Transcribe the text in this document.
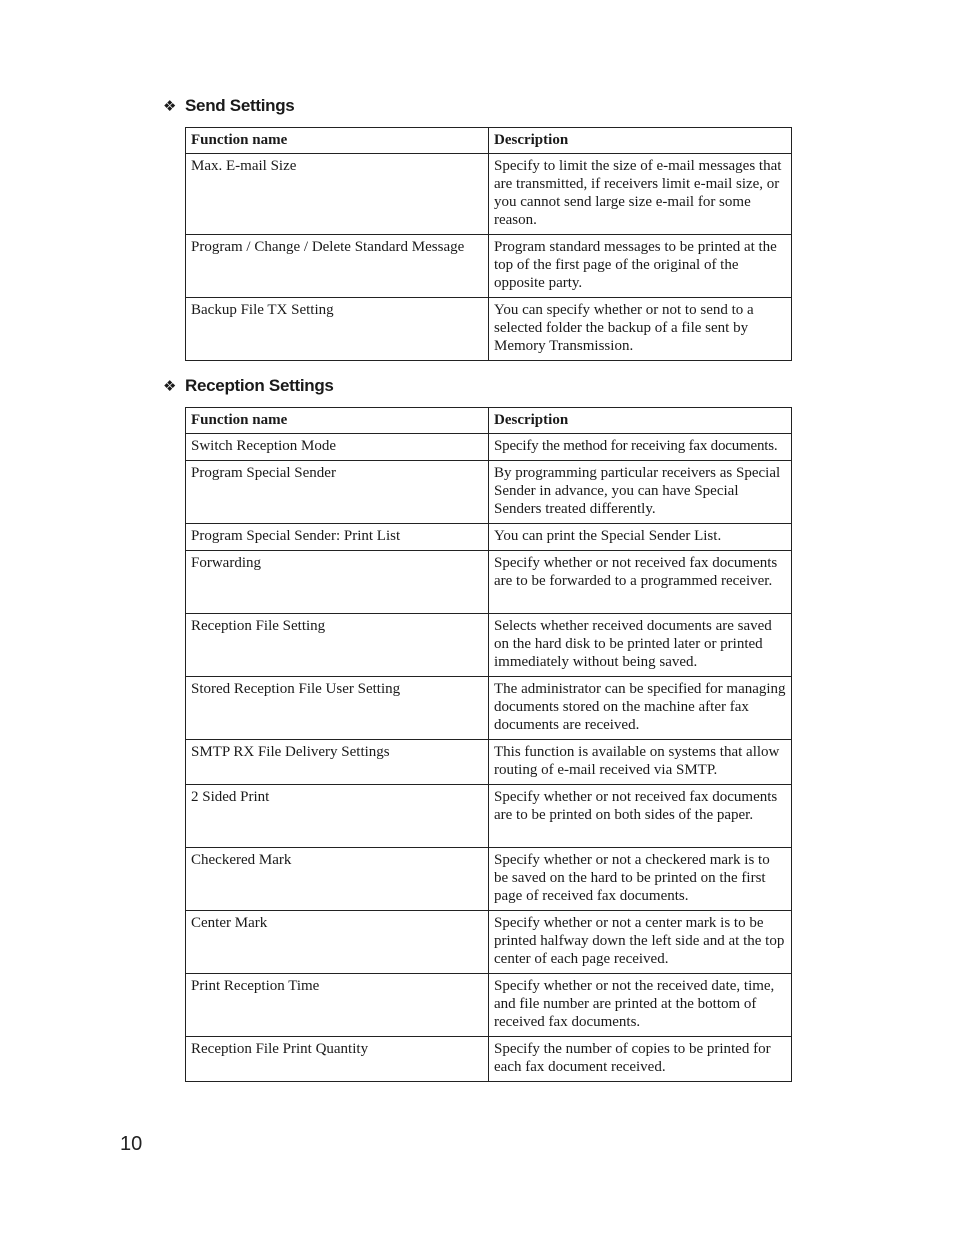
❖ Send Settings
Function name	Description
Max. E-mail Size	Specify to limit the size of e-mail messages that are transmitted, if receivers limit e-mail size, or you cannot send large size e-mail for some reason.
Program / Change / Delete Standard Message	Program standard messages to be printed at the top of the first page of the original of the opposite party.
Backup File TX Setting	You can specify whether or not to send to a selected folder the backup of a file sent by Memory Transmission.
❖ Reception Settings
Function name	Description
Switch Reception Mode	Specify the method for receiving fax documents.
Program Special Sender	By programming particular receivers as Special Sender in advance, you can have Special Senders treated differently.
Program Special Sender: Print List	You can print the Special Sender List.
Forwarding	Specify whether or not received fax documents are to be forwarded to a programmed receiver.
Reception File Setting	Selects whether received documents are saved on the hard disk to be printed later or printed immediately without being saved.
Stored Reception File User Setting	The administrator can be specified for managing documents stored on the machine after fax documents are received.
SMTP RX File Delivery Settings	This function is available on systems that allow routing of e-mail received via SMTP.
2 Sided Print	Specify whether or not received fax documents are to be printed on both sides of the paper.
Checkered Mark	Specify whether or not a checkered mark is to be saved on the hard to be printed on the first page of received fax documents.
Center Mark	Specify whether or not a center mark is to be printed halfway down the left side and at the top center of each page received.
Print Reception Time	Specify whether or not the received date, time, and file number are printed at the bottom of received fax documents.
Reception File Print Quantity	Specify the number of copies to be printed for each fax document received.
10
